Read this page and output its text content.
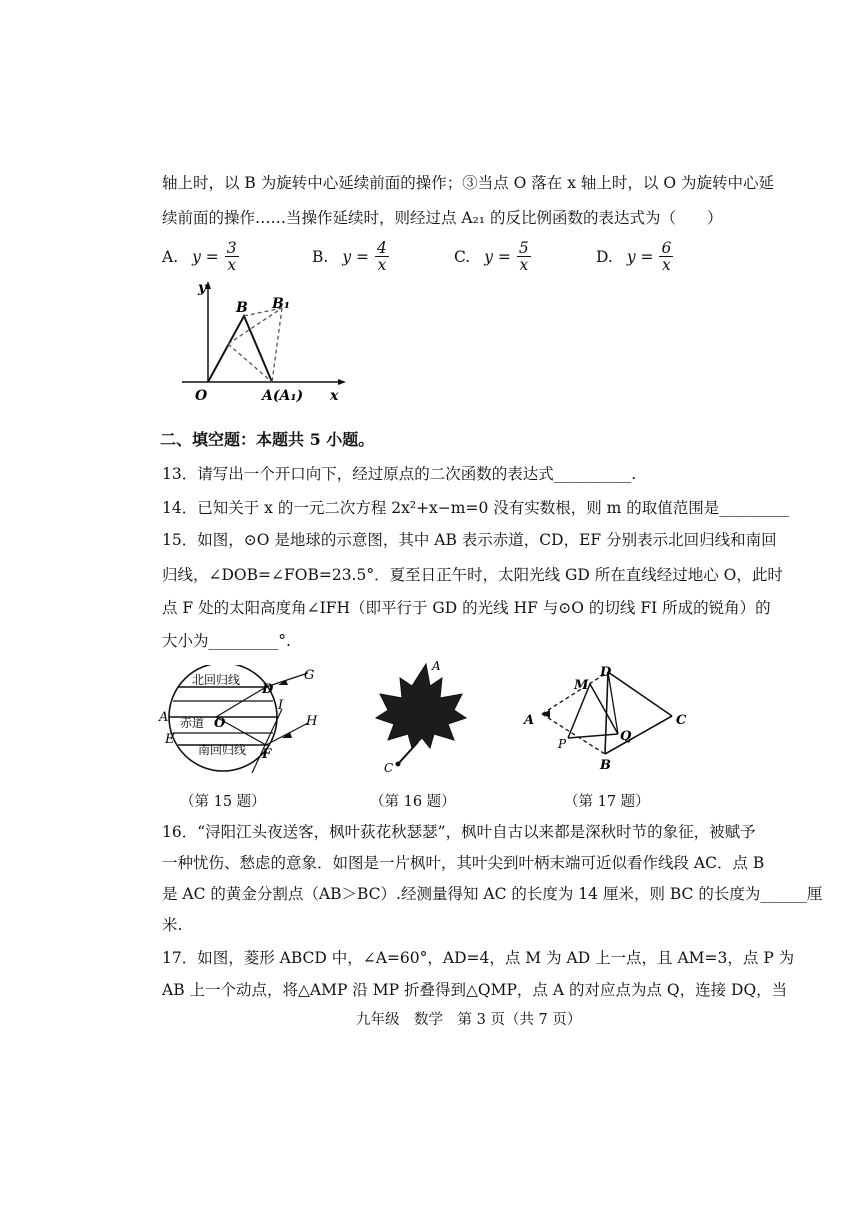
轴上时，以 B 为旋转中心延续前面的操作；③当点 O 落在 x 轴上时，以 O 为旋转中心延
续前面的操作……当操作延续时，则经过点 A₂₁ 的反比例函数的表达式为（　　）
A. $y = \frac{3}{x}$	B. $y = \frac{4}{x}$	C. $y = \frac{5}{x}$	D. $y = \frac{6}{x}$
y
O	A(A₁) x
B B₁
二、填空题：本题共 5 小题。
13．请写出一个开口向下，经过原点的二次函数的表达式__________.
14．已知关于 x 的一元二次方程 2x²+x−m=0 没有实数根，则 m 的取值范围是_________
15．如图，⊙O 是地球的示意图，其中 AB 表示赤道，CD，EF 分别表示北回归线和南回
归线，∠DOB=∠FOB=23.5°．夏至日正午时，太阳光线 GD 所在直线经过地心 O，此时
点 F 处的太阳高度角∠IFH（即平行于 GD 的光线 HF 与⊙O 的切线 FI 所成的锐角）的
大小为_________°.
北回归线
赤道
南回归线
O
A
E
D
F
G
I
H
A
C
A
D
M
Q
P
B
C
（第 15 题）	（第 16 题）	（第 17 题）
16．“浔阳江头夜送客，枫叶荻花秋瑟瑟”，枫叶自古以来都是深秋时节的象征，被赋予
一种忧伤、愁虑的意象．如图是一片枫叶，其叶尖到叶柄末端可近似看作线段 AC．点 B
是 AC 的黄金分割点（AB＞BC）.经测量得知 AC 的长度为 14 厘米，则 BC 的长度为______厘
米.
17．如图，菱形 ABCD 中，∠A=60°，AD=4，点 M 为 AD 上一点，且 AM=3，点 P 为
AB 上一个动点，将△AMP 沿 MP 折叠得到△QMP，点 A 的对应点为点 Q，连接 DQ，当
九年级　数学　第 3 页（共 7 页）
